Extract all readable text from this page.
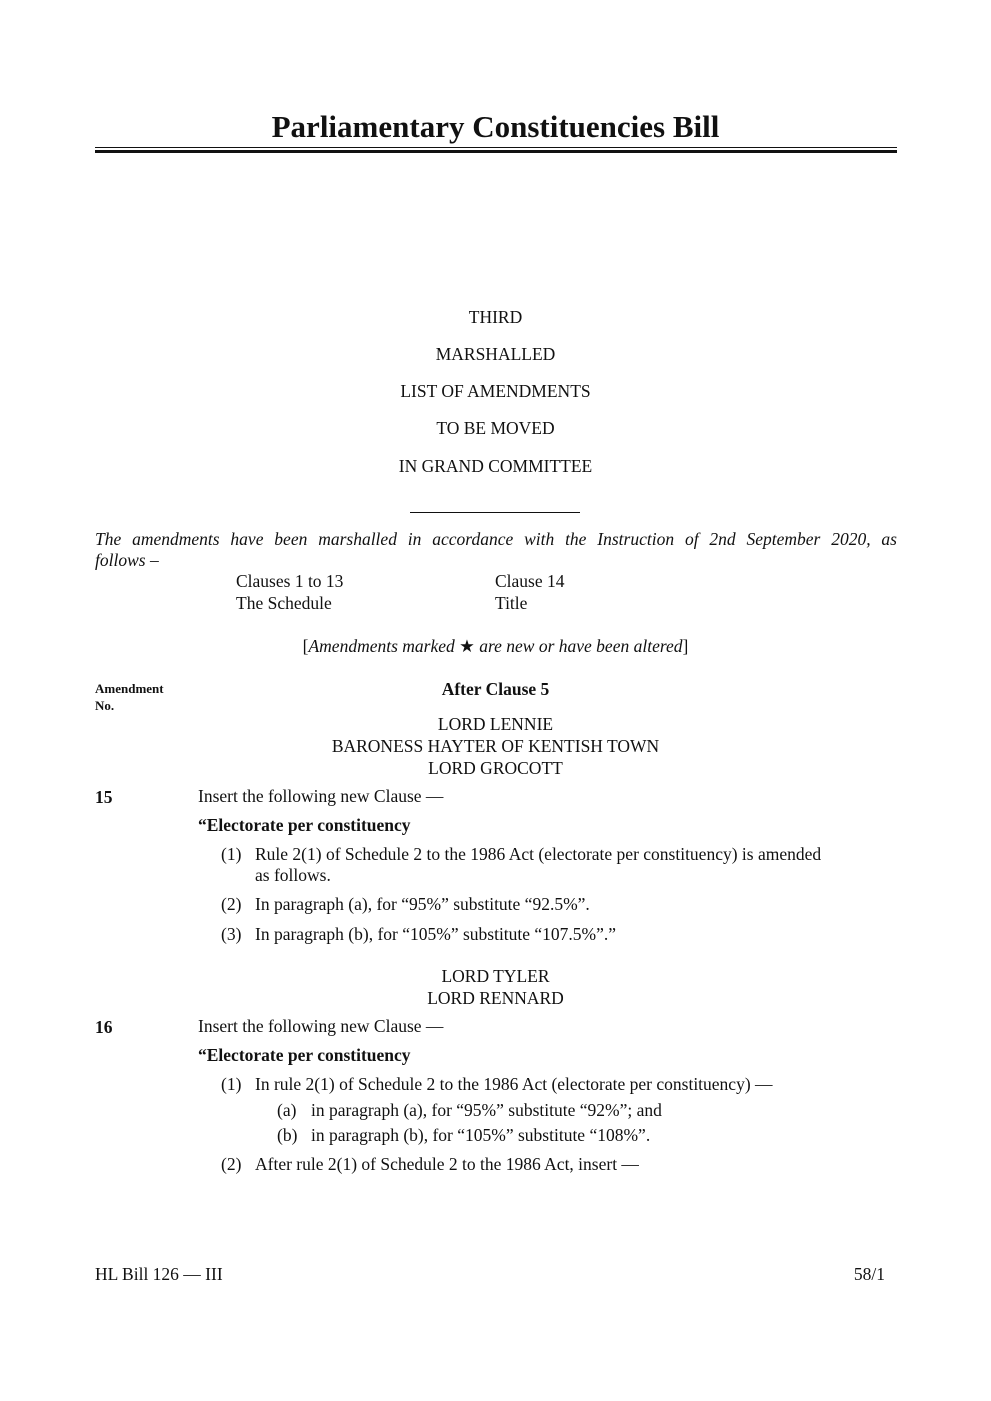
Parliamentary Constituencies Bill
THIRD
MARSHALLED
LIST OF AMENDMENTS
TO BE MOVED
IN GRAND COMMITTEE
The amendments have been marshalled in accordance with the Instruction of 2nd September 2020, as
follows –
Clauses 1 to 13	Clause 14
The Schedule	Title
[Amendments marked ★ are new or have been altered]
Amendment
No.
After Clause 5
LORD LENNIE
BARONESS HAYTER OF KENTISH TOWN
LORD GROCOTT
15	Insert the following new Clause —
“Electorate per constituency
(1) Rule 2(1) of Schedule 2 to the 1986 Act (electorate per constituency) is amended
as follows.
(2) In paragraph (a), for “95%” substitute “92.5%”.
(3) In paragraph (b), for “105%” substitute “107.5%”.”
LORD TYLER
LORD RENNARD
16	Insert the following new Clause —
“Electorate per constituency
(1) In rule 2(1) of Schedule 2 to the 1986 Act (electorate per constituency) —
(a) in paragraph (a), for “95%” substitute “92%”; and
(b) in paragraph (b), for “105%” substitute “108%”.
(2) After rule 2(1) of Schedule 2 to the 1986 Act, insert —
HL Bill 126 — III	58/1
